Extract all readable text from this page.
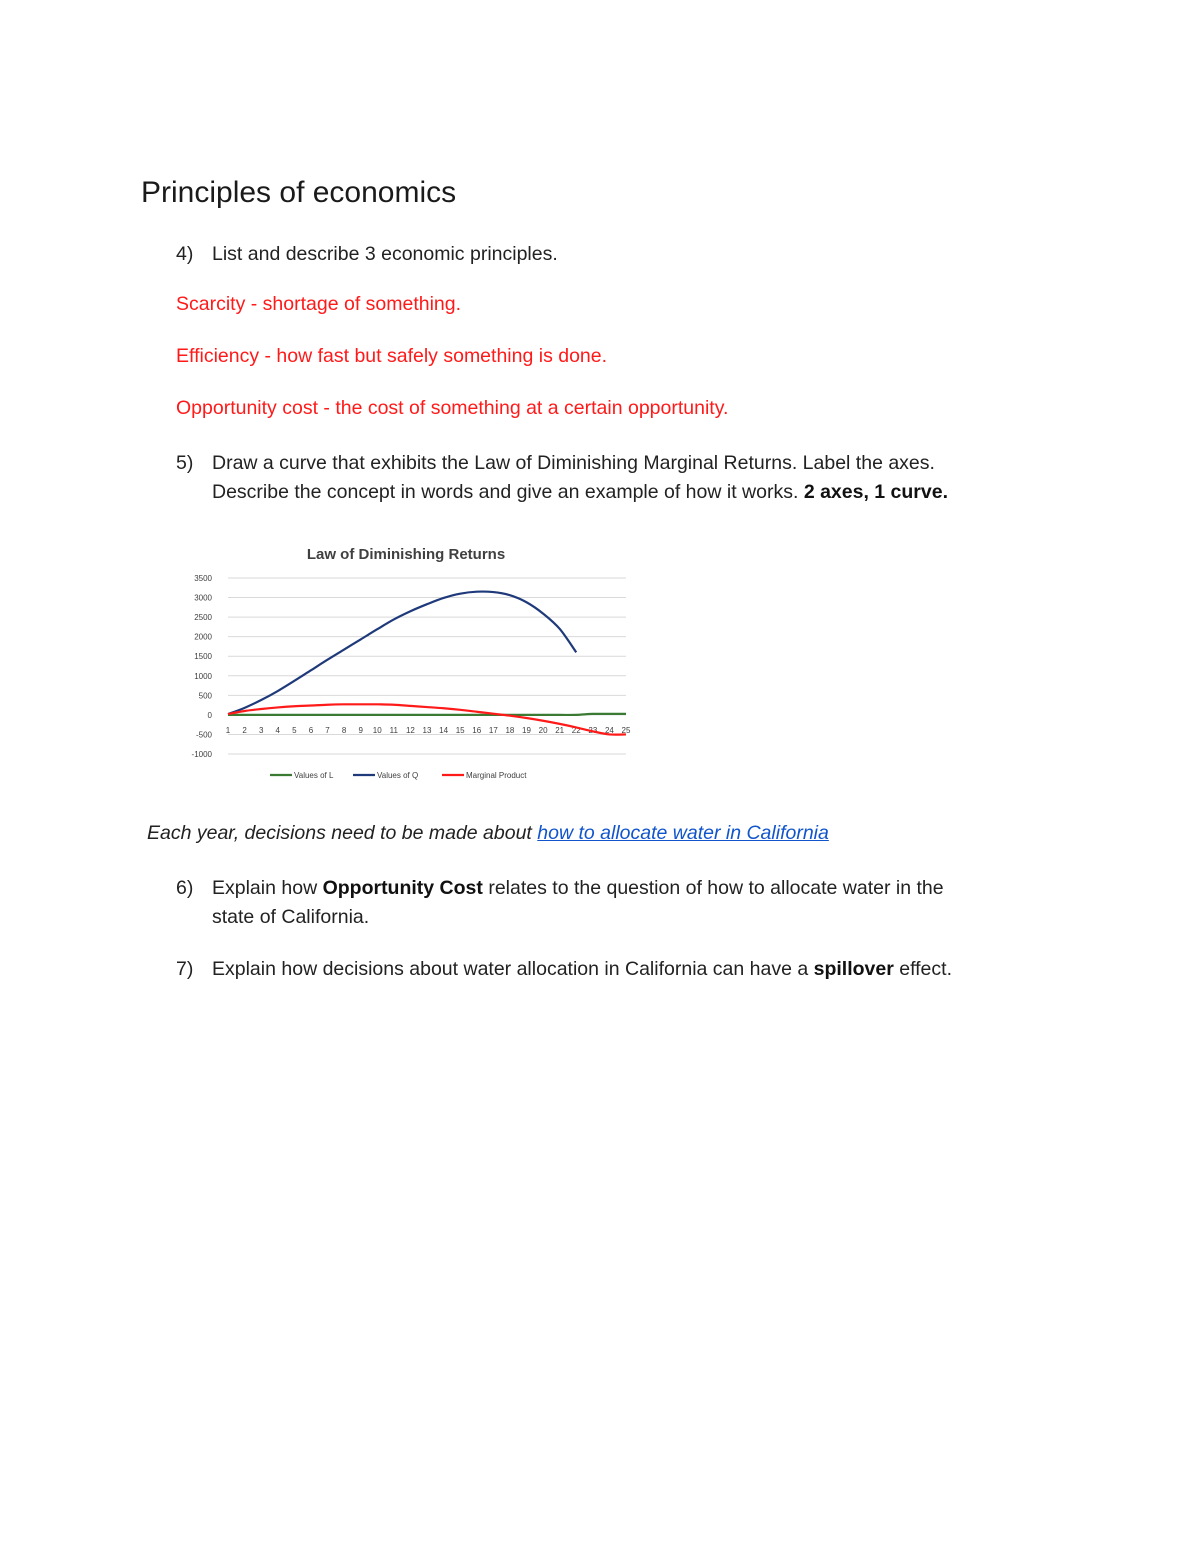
Principles of economics
4) List and describe 3 economic principles.
Scarcity - shortage of something.
Efficiency - how fast but safely something is done.
Opportunity cost - the cost of something at a certain opportunity.
5) Draw a curve that exhibits the Law of Diminishing Marginal Returns. Label the axes.
Describe the concept in words and give an example of how it works. 2 axes, 1 curve.
Law of Diminishing Returns
3500
3000
2500
2000
1500
1000
500
0
-500
-1000
1 2 3 4 5 6 7 8 9 10 11 12 13 14 15 16 17 18 19 20 21 22 23 24 25
Values of L	Values of Q	Marginal Product
Each year, decisions need to be made about how to allocate water in California
6) Explain how Opportunity Cost relates to the question of how to allocate water in the
state of California.
7) Explain how decisions about water allocation in California can have a spillover effect.
